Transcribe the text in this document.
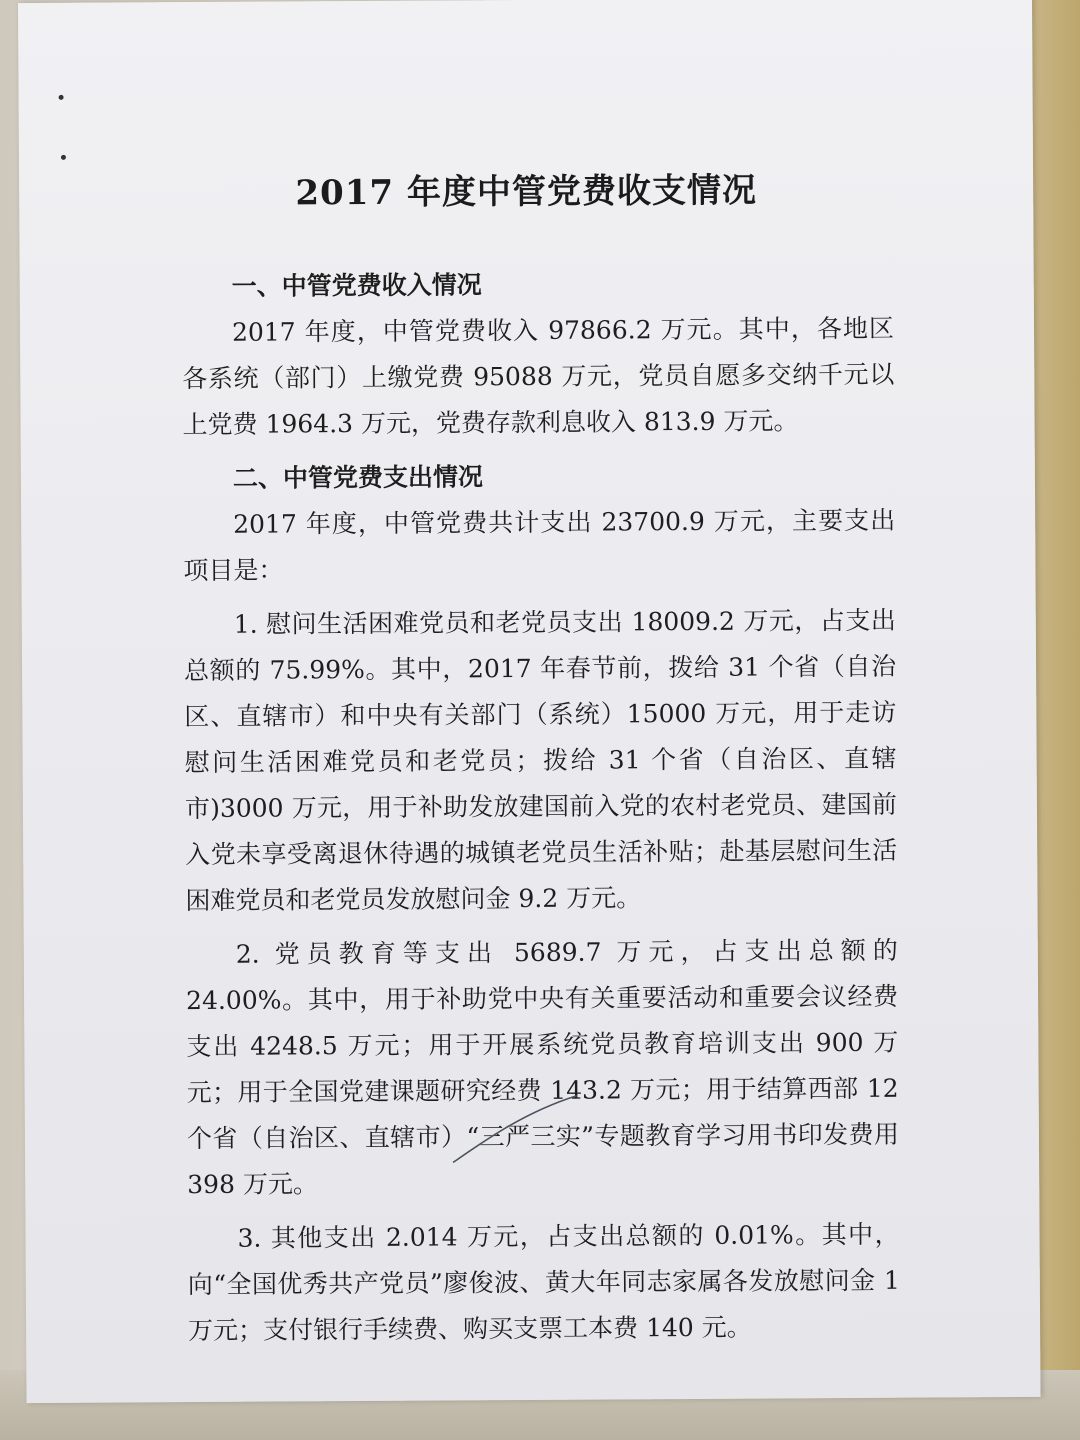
2017 年度中管党费收支情况

一、中管党费收入情况

2017 年度，中管党费收入 97866.2 万元。其中，各地区各系统（部门）上缴党费 95088 万元，党员自愿多交纳千元以上党费 1964.3 万元，党费存款利息收入 813.9 万元。

二、中管党费支出情况

2017 年度，中管党费共计支出 23700.9 万元，主要支出项目是：

1. 慰问生活困难党员和老党员支出 18009.2 万元，占支出总额的 75.99%。其中，2017 年春节前，拨给 31 个省（自治区、直辖市）和中央有关部门（系统）15000 万元，用于走访慰问生活困难党员和老党员；拨给 31 个省（自治区、直辖市)3000 万元，用于补助发放建国前入党的农村老党员、建国前入党未享受离退休待遇的城镇老党员生活补贴；赴基层慰问生活困难党员和老党员发放慰问金 9.2 万元。

2. 党员教育等支出 5689.7 万元，占支出总额的 24.00%。其中，用于补助党中央有关重要活动和重要会议经费支出 4248.5 万元；用于开展系统党员教育培训支出 900 万元；用于全国党建课题研究经费 143.2 万元；用于结算西部 12 个省（自治区、直辖市）“三严三实”专题教育学习用书印发费用 398 万元。

3. 其他支出 2.014 万元，占支出总额的 0.01%。其中，向“全国优秀共产党员”廖俊波、黄大年同志家属各发放慰问金 1 万元；支付银行手续费、购买支票工本费 140 元。
